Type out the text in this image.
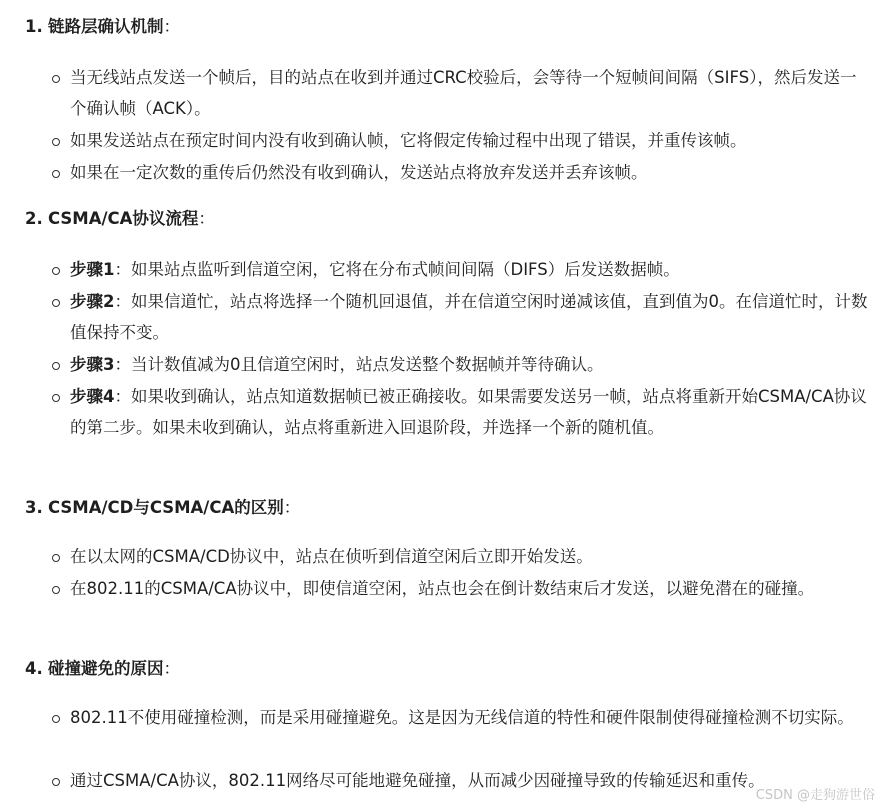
1. 链路层确认机制：
当无线站点发送一个帧后，目的站点在收到并通过CRC校验后，会等待一个短帧间间隔（SIFS），然后发送一个确认帧（ACK）。
如果发送站点在预定时间内没有收到确认帧，它将假定传输过程中出现了错误，并重传该帧。
如果在一定次数的重传后仍然没有收到确认，发送站点将放弃发送并丢弃该帧。
2. CSMA/CA协议流程：
步骤1：如果站点监听到信道空闲，它将在分布式帧间间隔（DIFS）后发送数据帧。
步骤2：如果信道忙，站点将选择一个随机回退值，并在信道空闲时递减该值，直到值为0。在信道忙时，计数值保持不变。
步骤3：当计数值减为0且信道空闲时，站点发送整个数据帧并等待确认。
步骤4：如果收到确认，站点知道数据帧已被正确接收。如果需要发送另一帧，站点将重新开始CSMA/CA协议的第二步。如果未收到确认，站点将重新进入回退阶段，并选择一个新的随机值。
3. CSMA/CD与CSMA/CA的区别：
在以太网的CSMA/CD协议中，站点在侦听到信道空闲后立即开始发送。
在802.11的CSMA/CA协议中，即使信道空闲，站点也会在倒计数结束后才发送，以避免潜在的碰撞。
4. 碰撞避免的原因：
802.11不使用碰撞检测，而是采用碰撞避免。这是因为无线信道的特性和硬件限制使得碰撞检测不切实际。
通过CSMA/CA协议，802.11网络尽可能地避免碰撞，从而减少因碰撞导致的传输延迟和重传。
CSDN @走狗游世俗
